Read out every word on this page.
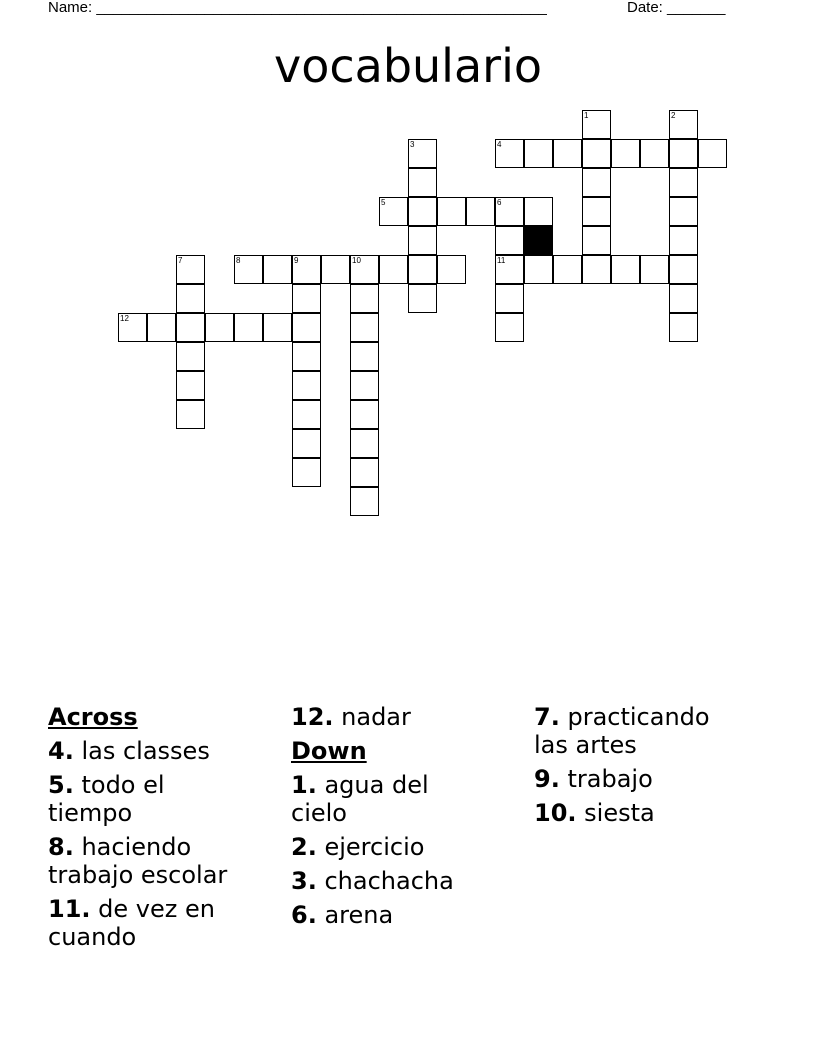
Name: ______________________________________________________	Date: _______
vocabulario
1	2
3	4
5	6
7	8	9	10	11
12
Across
4. las classes
5. todo el tiempo
8. haciendo trabajo escolar
11. de vez en cuando
12. nadar
Down
1. agua del cielo
2. ejercicio
3. chachacha
6. arena
7. practicando las artes
9. trabajo
10. siesta
